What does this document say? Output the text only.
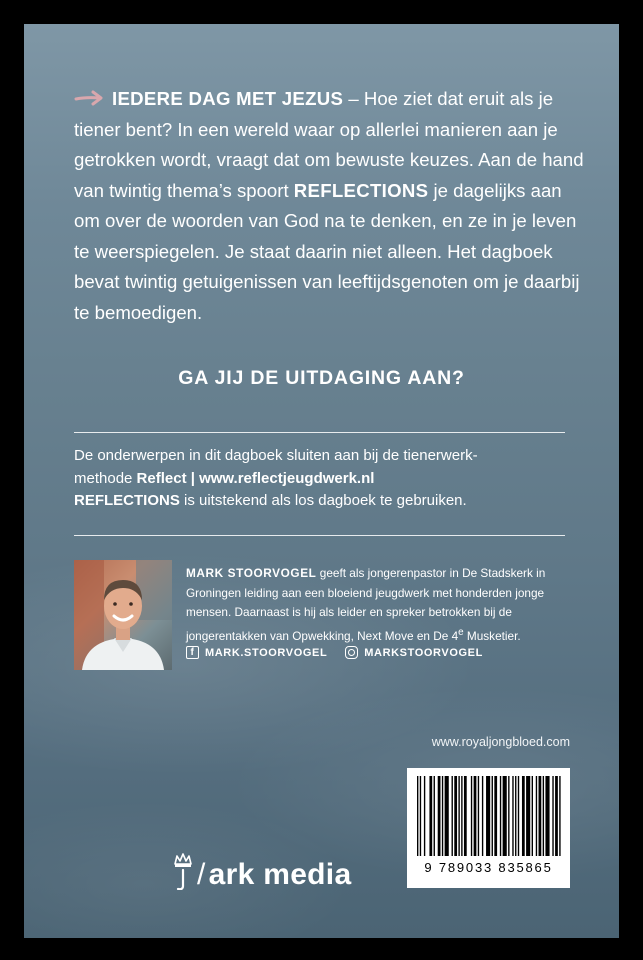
IEDERE DAG MET JEZUS – Hoe ziet dat eruit als je tiener bent? In een wereld waar op allerlei manieren aan je getrokken wordt, vraagt dat om bewuste keuzes. Aan de hand van twintig thema’s spoort REFLECTIONS je dagelijks aan om over de woorden van God na te denken, en ze in je leven te weerspiegelen. Je staat daarin niet alleen. Het dagboek bevat twintig getuigenissen van leeftijdsgenoten om je daarbij te bemoedigen.

GA JIJ DE UITDAGING AAN?

De onderwerpen in dit dagboek sluiten aan bij de tienerwerk-

methode Reflect | www.reflectjeugdwerk.nl

REFLECTIONS is uitstekend als los dagboek te gebruiken.

MARK STOORVOGEL geeft als jongerenpastor in De Stadskerk in Groningen leiding aan een bloeiend jeugdwerk met honderden jonge mensen. Daarnaast is hij als leider en spreker betrokken bij de jongerentakken van Opwekking, Next Move en De 4e Musketier.

f MARK.STOORVOGEL	MARKSTOORVOGEL
www.royaljongbloed.com
9 789033 835865
/ ark media
